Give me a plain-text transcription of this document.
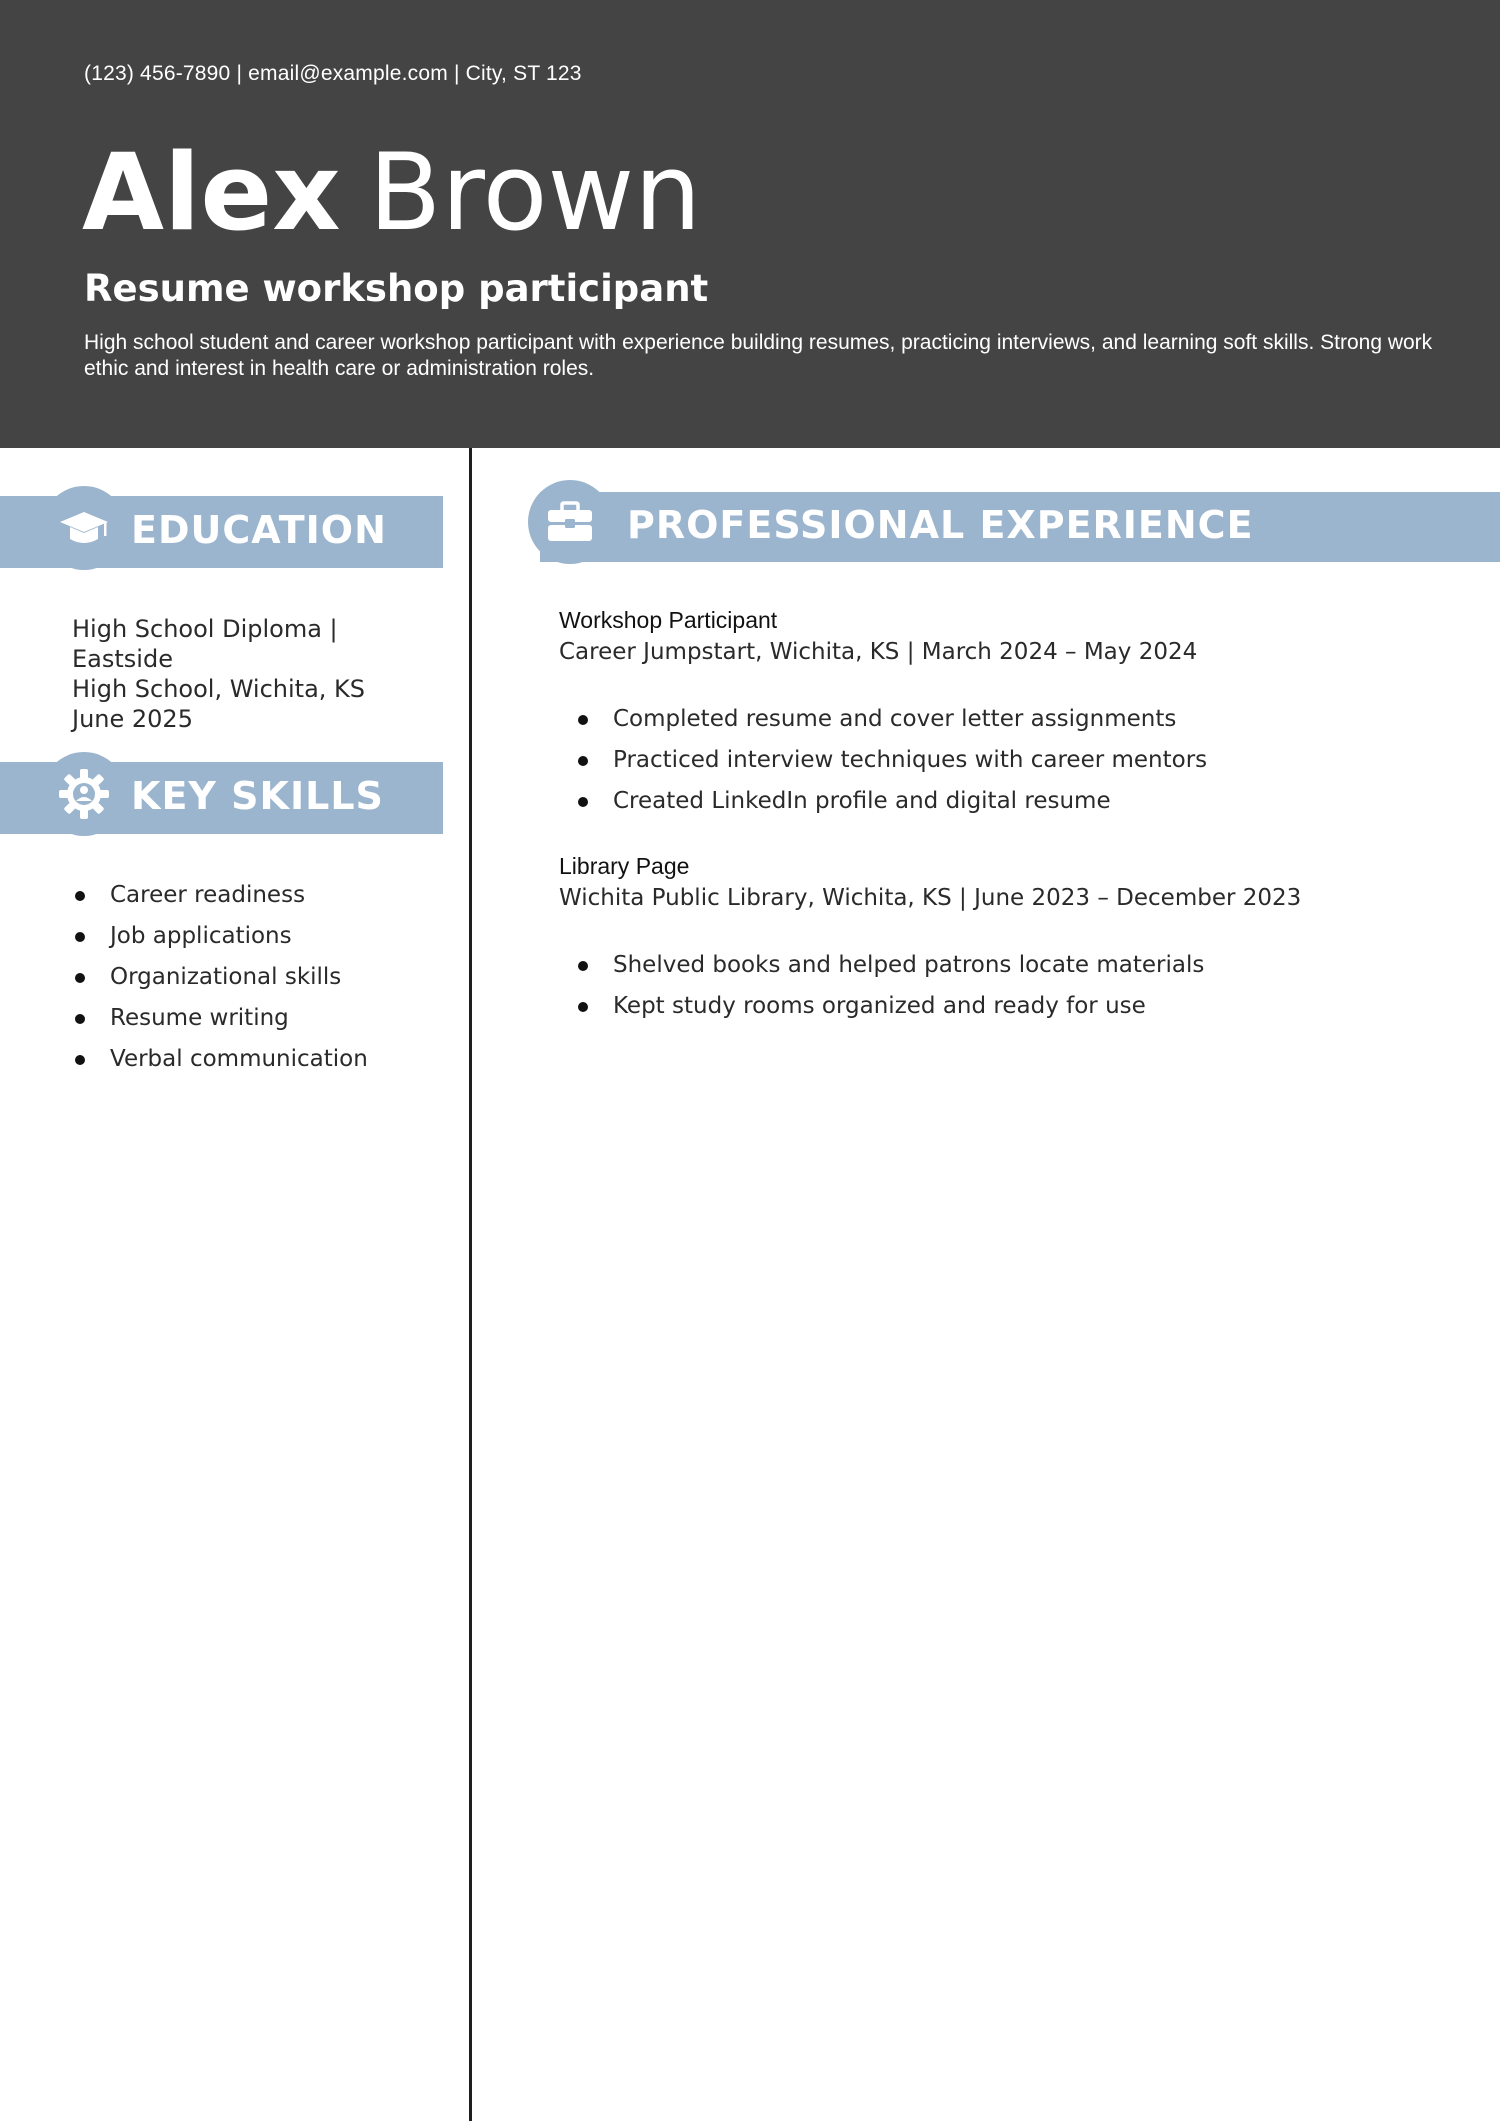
(123) 456-7890 | email@example.com | City, ST 123
Alex Brown
Resume workshop participant
High school student and career workshop participant with experience building resumes, practicing interviews, and learning soft skills. Strong work ethic and interest in health care or administration roles.
EDUCATION
High School Diploma | Eastside
High School, Wichita, KS
June 2025
KEY SKILLS
Career readiness
Job applications
Organizational skills
Resume writing
Verbal communication
PROFESSIONAL EXPERIENCE
Workshop Participant
Career Jumpstart, Wichita, KS | March 2024 – May 2024
Completed resume and cover letter assignments
Practiced interview techniques with career mentors
Created LinkedIn profile and digital resume
Library Page
Wichita Public Library, Wichita, KS | June 2023 – December 2023
Shelved books and helped patrons locate materials
Kept study rooms organized and ready for use
